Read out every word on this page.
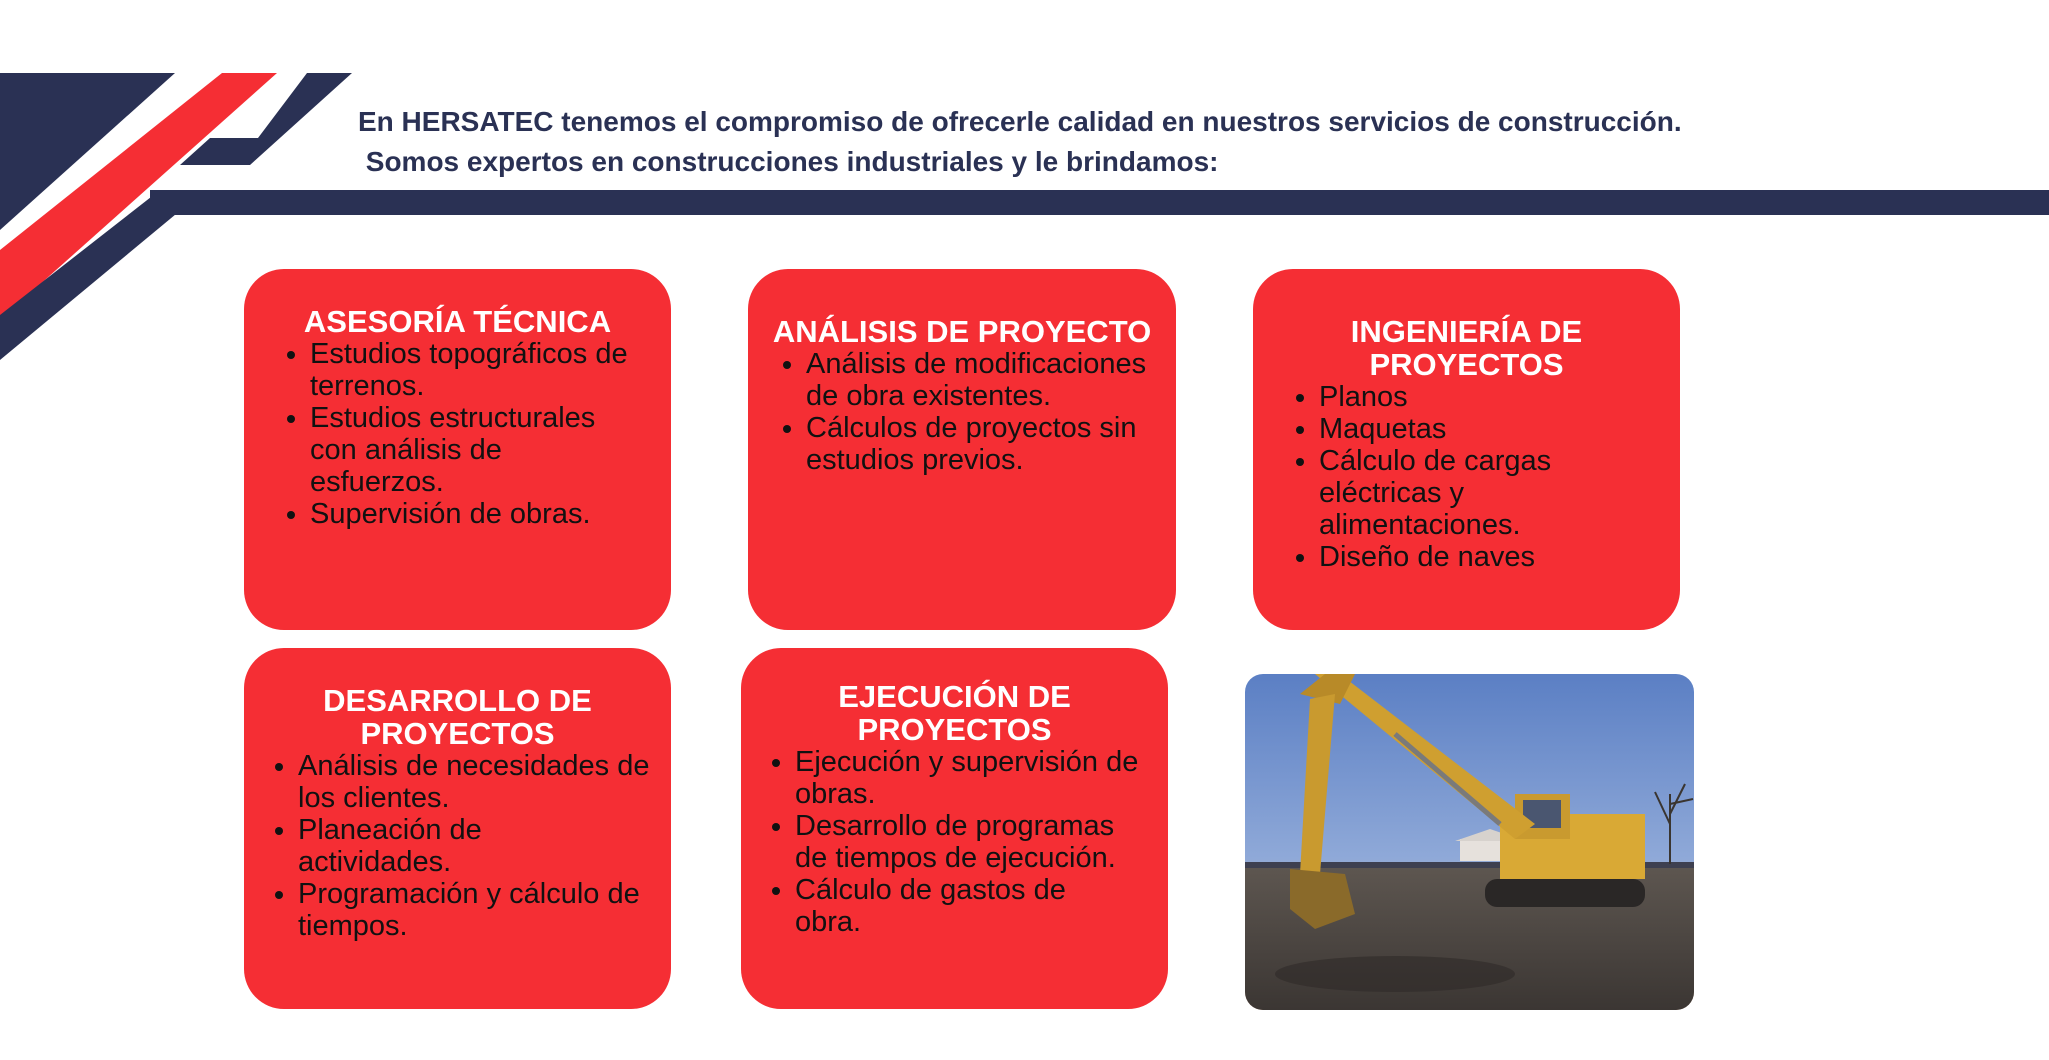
En HERSATEC tenemos el compromiso de ofrecerle calidad en nuestros servicios de construcción.
Somos expertos en construcciones industriales y le brindamos:
ASESORÍA TÉCNICA
• Estudios topográficos de terrenos.
• Estudios estructurales con análisis de esfuerzos.
• Supervisión de obras.
ANÁLISIS DE PROYECTO
• Análisis de modificaciones de obra existentes.
• Cálculos de proyectos sin estudios previos.
INGENIERÍA DE PROYECTOS
• Planos
• Maquetas
• Cálculo de cargas eléctricas y alimentaciones.
• Diseño de naves
DESARROLLO DE PROYECTOS
• Análisis de necesidades de los clientes.
• Planeación de actividades.
• Programación y cálculo de tiempos.
EJECUCIÓN DE PROYECTOS
• Ejecución y supervisión de obras.
• Desarrollo de programas de tiempos de ejecución.
• Cálculo de gastos de obra.
